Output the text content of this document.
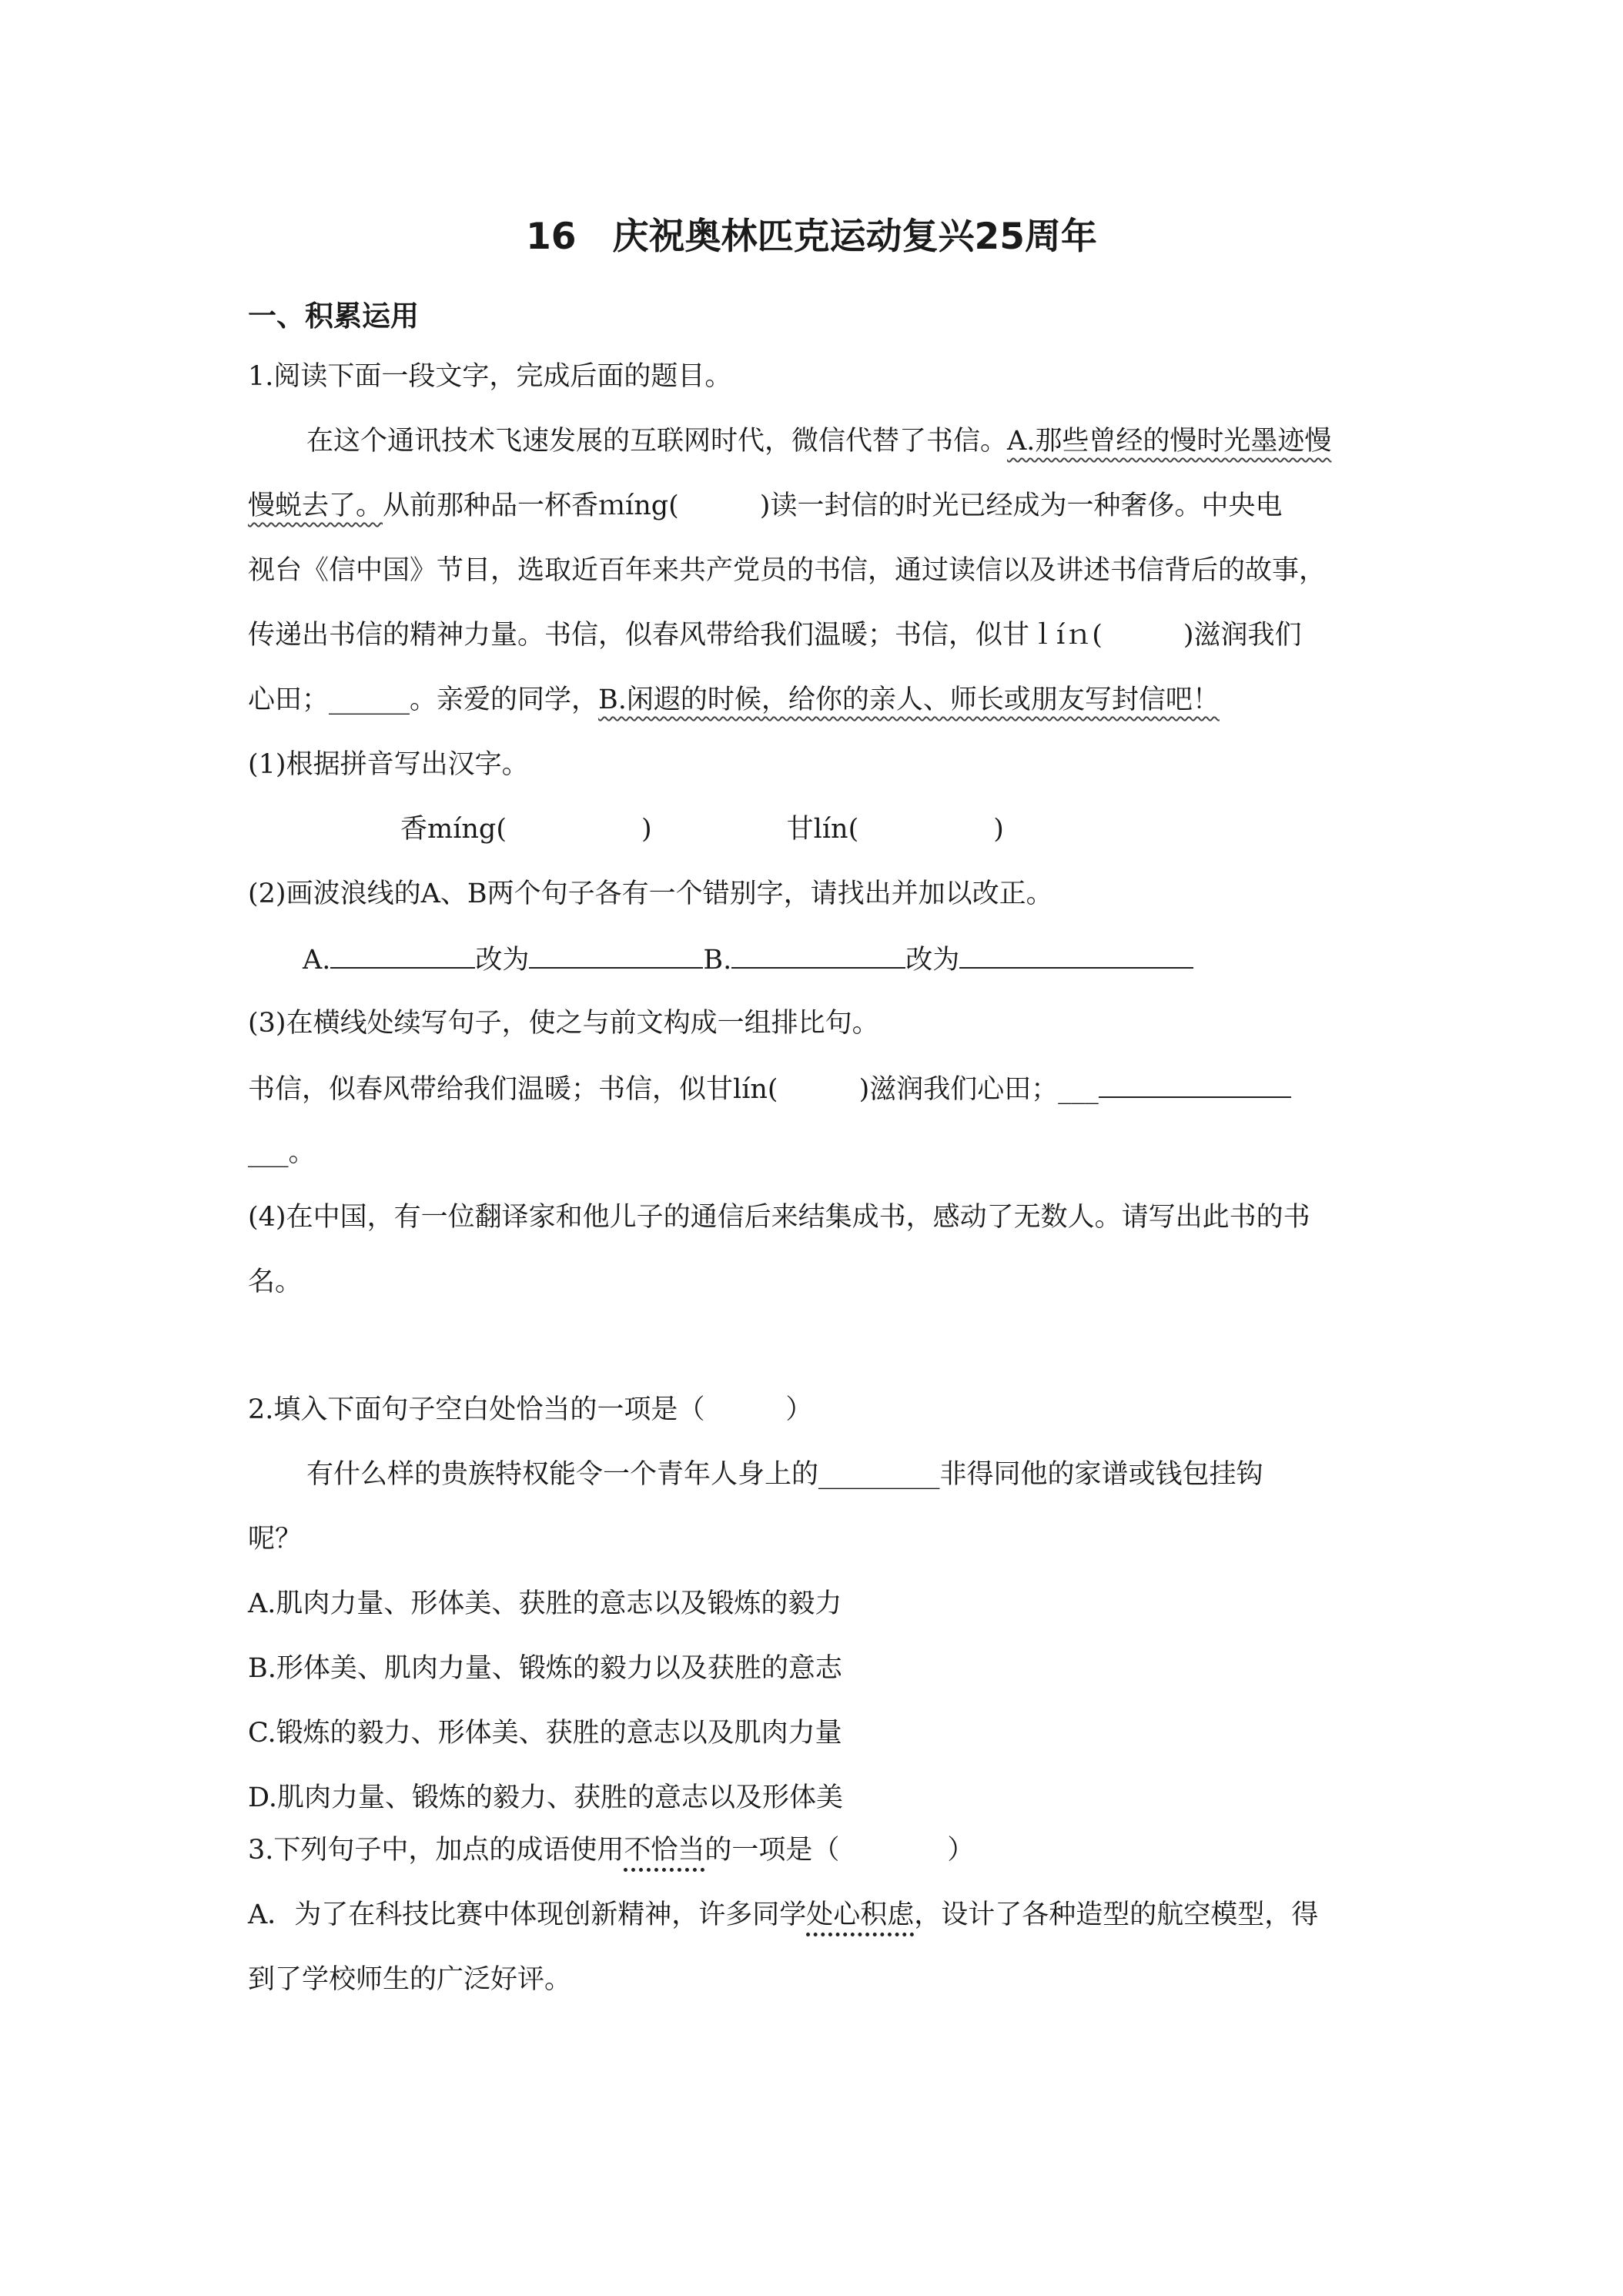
16　庆祝奥林匹克运动复兴25周年
一、积累运用
1.阅读下面一段文字，完成后面的题目。
在这个通讯技术飞速发展的互联网时代，微信代替了书信。A.那些曾经的慢时光墨迹慢
慢蜕去了。从前那种品一杯香ｍíng(　　　)读一封信的时光已经成为一种奢侈。中央电
视台《信中国》节目，选取近百年来共产党员的书信，通过读信以及讲述书信背后的故事，
传递出书信的精神力量。书信，似春风带给我们温暖；书信，似甘ｌíｎ(　　　)滋润我们
心田；______。亲爱的同学，B.闲遐的时候，给你的亲人、师长或朋友写封信吧！
(1)根据拼音写出汉字。
香míng(　　　　　)　　　　　甘lín(　　　　　)
(2)画波浪线的A、B两个句子各有一个错别字，请找出并加以改正。
A.	改为	B.	改为
(3)在横线处续写句子，使之与前文构成一组排比句。
书信，似春风带给我们温暖；书信，似甘lín(　　　)滋润我们心田；___
___。
(4)在中国，有一位翻译家和他儿子的通信后来结集成书，感动了无数人。请写出此书的书
名。
2.填入下面句子空白处恰当的一项是（　　　）
有什么样的贵族特权能令一个青年人身上的_________非得同他的家谱或钱包挂钩
呢？
A.肌肉力量、形体美、获胜的意志以及锻炼的毅力
B.形体美、肌肉力量、锻炼的毅力以及获胜的意志
C.锻炼的毅力、形体美、获胜的意志以及肌肉力量
D.肌肉力量、锻炼的毅力、获胜的意志以及形体美
3.下列句子中，加点的成语使用不恰当的一项是（　　　　）
A．为了在科技比赛中体现创新精神，许多同学处心积虑，设计了各种造型的航空模型，得
到了学校师生的广泛好评。
